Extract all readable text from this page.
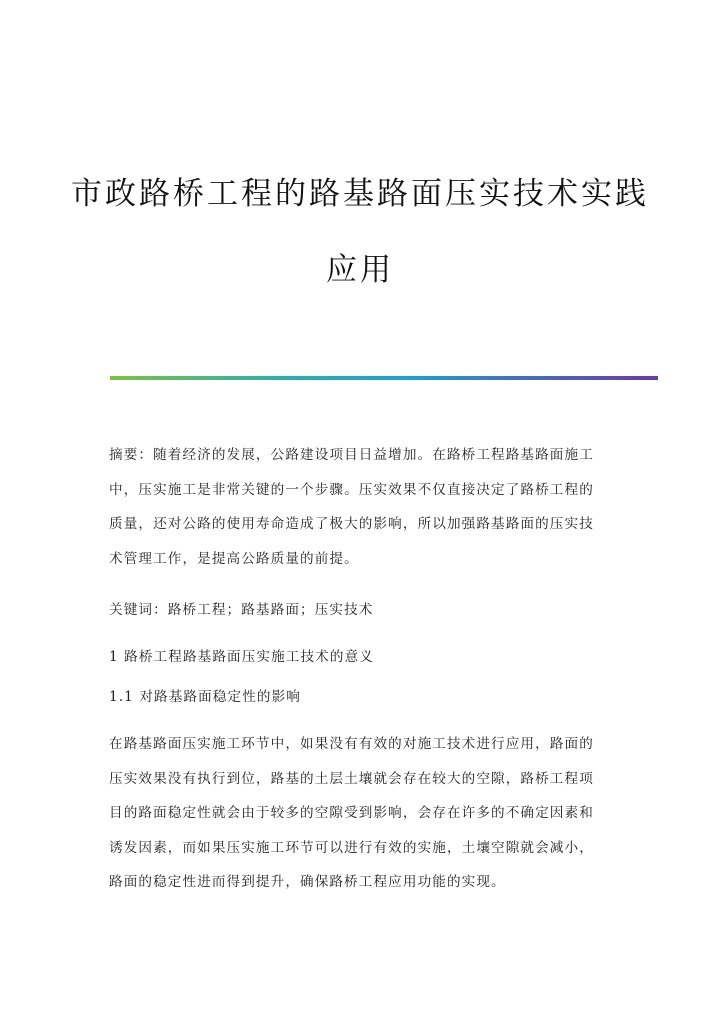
市政路桥工程的路基路面压实技术实践
应用

摘要：随着经济的发展，公路建设项目日益增加。在路桥工程路基路面施工中，压实施工是非常关键的一个步骤。压实效果不仅直接决定了路桥工程的质量，还对公路的使用寿命造成了极大的影响，所以加强路基路面的压实技术管理工作，是提高公路质量的前提。

关键词：路桥工程；路基路面；压实技术

1 路桥工程路基路面压实施工技术的意义

1.1 对路基路面稳定性的影响

在路基路面压实施工环节中，如果没有有效的对施工技术进行应用，路面的压实效果没有执行到位，路基的土层土壤就会存在较大的空隙，路桥工程项目的路面稳定性就会由于较多的空隙受到影响，会存在许多的不确定因素和诱发因素，而如果压实施工环节可以进行有效的实施，土壤空隙就会减小，路面的稳定性进而得到提升，确保路桥工程应用功能的实现。
